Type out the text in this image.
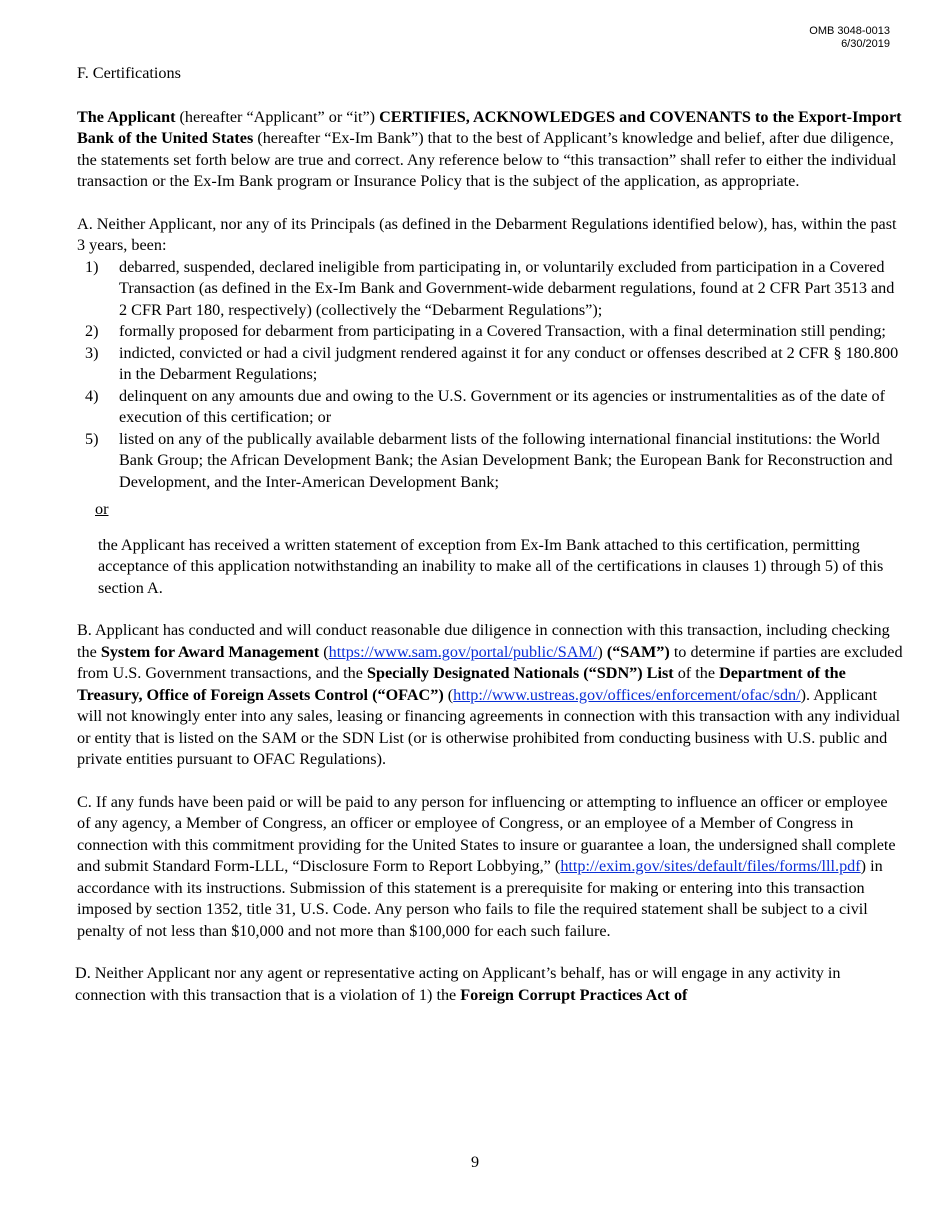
OMB 3048-0013
6/30/2019

F. Certifications

The Applicant (hereafter “Applicant” or “it”) CERTIFIES, ACKNOWLEDGES and COVENANTS to the Export-Import Bank of the United States (hereafter “Ex-Im Bank”) that to the best of Applicant’s knowledge and belief, after due diligence, the statements set forth below are true and correct. Any reference below to “this transaction” shall refer to either the individual transaction or the Ex-Im Bank program or Insurance Policy that is the subject of the application, as appropriate.

A. Neither Applicant, nor any of its Principals (as defined in the Debarment Regulations identified below), has, within the past 3 years, been:

1)	debarred, suspended, declared ineligible from participating in, or voluntarily excluded from participation in a Covered Transaction (as defined in the Ex-Im Bank and Government-wide debarment regulations, found at 2 CFR Part 3513 and 2 CFR Part 180, respectively) (collectively the “Debarment Regulations”);
2)	formally proposed for debarment from participating in a Covered Transaction, with a final determination still pending;
3)	indicted, convicted or had a civil judgment rendered against it for any conduct or offenses described at 2 CFR § 180.800 in the Debarment Regulations;
4)	delinquent on any amounts due and owing to the U.S. Government or its agencies or instrumentalities as of the date of execution of this certification; or
5)	listed on any of the publically available debarment lists of the following international financial institutions: the World Bank Group; the African Development Bank; the Asian Development Bank; the European Bank for Reconstruction and Development, and the Inter-American Development Bank;

or

the Applicant has received a written statement of exception from Ex-Im Bank attached to this certification, permitting acceptance of this application notwithstanding an inability to make all of the certifications in clauses 1) through 5) of this section A.

B. Applicant has conducted and will conduct reasonable due diligence in connection with this transaction, including checking the System for Award Management (https://www.sam.gov/portal/public/SAM/) (“SAM”) to determine if parties are excluded from U.S. Government transactions, and the Specially Designated Nationals (“SDN”) List of the Department of the Treasury, Office of Foreign Assets Control (“OFAC”) (http://www.ustreas.gov/offices/enforcement/ofac/sdn/). Applicant will not knowingly enter into any sales, leasing or financing agreements in connection with this transaction with any individual or entity that is listed on the SAM or the SDN List (or is otherwise prohibited from conducting business with U.S. public and private entities pursuant to OFAC Regulations).

C. If any funds have been paid or will be paid to any person for influencing or attempting to influence an officer or employee of any agency, a Member of Congress, an officer or employee of Congress, or an employee of a Member of Congress in connection with this commitment providing for the United States to insure or guarantee a loan, the undersigned shall complete and submit Standard Form-LLL, “Disclosure Form to Report Lobbying,” (http://exim.gov/sites/default/files/forms/lll.pdf) in accordance with its instructions. Submission of this statement is a prerequisite for making or entering into this transaction imposed by section 1352, title 31, U.S. Code. Any person who fails to file the required statement shall be subject to a civil penalty of not less than $10,000 and not more than $100,000 for each such failure.

D. Neither Applicant nor any agent or representative acting on Applicant’s behalf, has or will engage in any activity in connection with this transaction that is a violation of 1) the Foreign Corrupt Practices Act of

9
